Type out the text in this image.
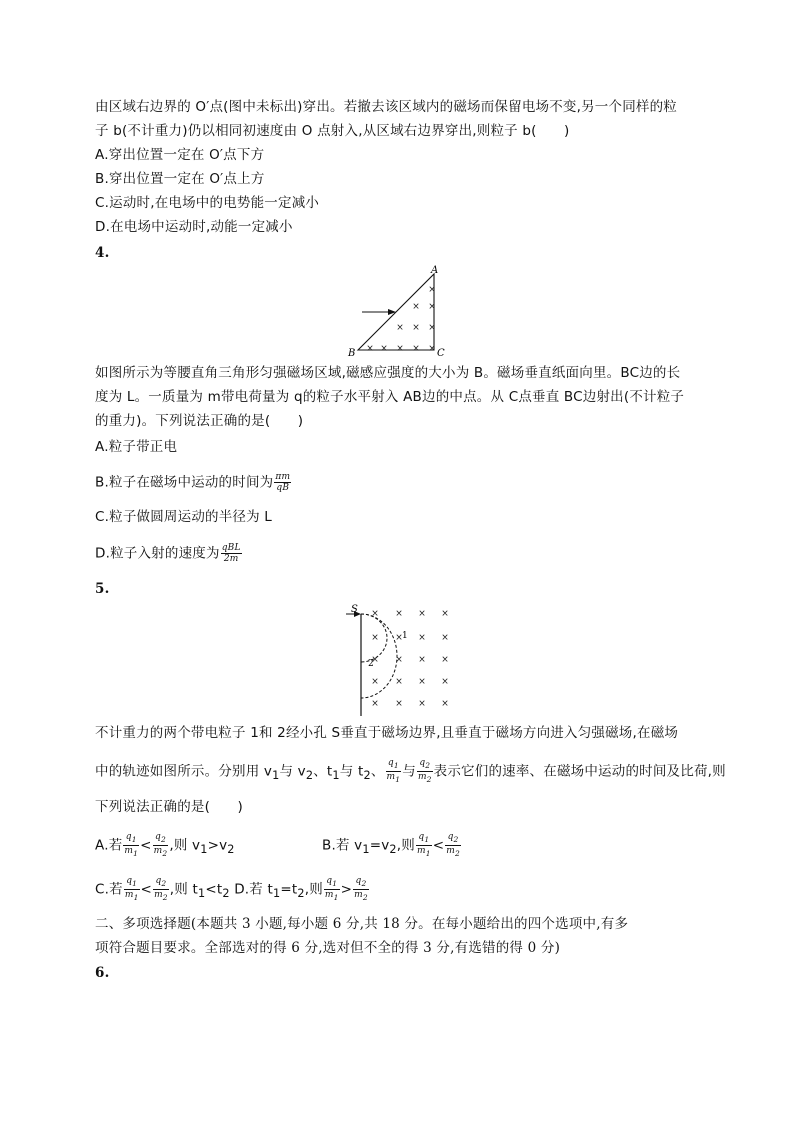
由区域右边界的 O′点(图中未标出)穿出。若撤去该区域内的磁场而保留电场不变,另一个同样的粒
子 b(不计重力)仍以相同初速度由 O 点射入,从区域右边界穿出,则粒子 b(　　)
A.穿出位置一定在 O′点下方
B.穿出位置一定在 O′点上方
C.运动时,在电场中的电势能一定减小
D.在电场中运动时,动能一定减小
4.
×
×
×
×
×
×
×
×
×
×
×
A
B	C
如图所示为等腰直角三角形匀强磁场区域,磁感应强度的大小为 B。磁场垂直纸面向里。BC边的长
度为 L。一质量为 m带电荷量为 q的粒子水平射入 AB边的中点。从 C点垂直 BC边射出(不计粒子
的重力)。下列说法正确的是(　　)
A.粒子带正电
B.粒子在磁场中运动的时间为 $\frac{\pi m}{qB}$
C.粒子做圆周运动的半径为 L
D.粒子入射的速度为 $\frac{\text{qBL}}{2m}$
5.
× × × ×
× × × ×
× × × ×
× × × ×
× × × ×
S
1
2
不计重力的两个带电粒子 1和 2经小孔 S垂直于磁场边界,且垂直于磁场方向进入匀强磁场,在磁场
中的轨迹如图所示。分别用 $v_1$与 $v_2$、$t_1$与 $t_2$、 $\frac{q_1}{m_1}$ 与 $\frac{q_2}{m_2}$ 表示它们的速率、在磁场中运动的时间及比荷,则
下列说法正确的是(　　)
A.若 $\frac{q_1}{m_1} < \frac{q_2}{m_2}$ ,则 $v_1>v_2$	B.若 $v_1=v_2$,则 $\frac{q_1}{m_1} < \frac{q_2}{m_2}$
C.若 $\frac{q_1}{m_1} < \frac{q_2}{m_2}$ ,则 $t_1<t_2$ D.若 $t_1=t_2$,则 $\frac{q_1}{m_1} > \frac{q_2}{m_2}$
二、多项选择题(本题共 3 小题,每小题 6 分,共 18 分。在每小题给出的四个选项中,有多
项符合题目要求。全部选对的得 6 分,选对但不全的得 3 分,有选错的得 0 分)
6.
